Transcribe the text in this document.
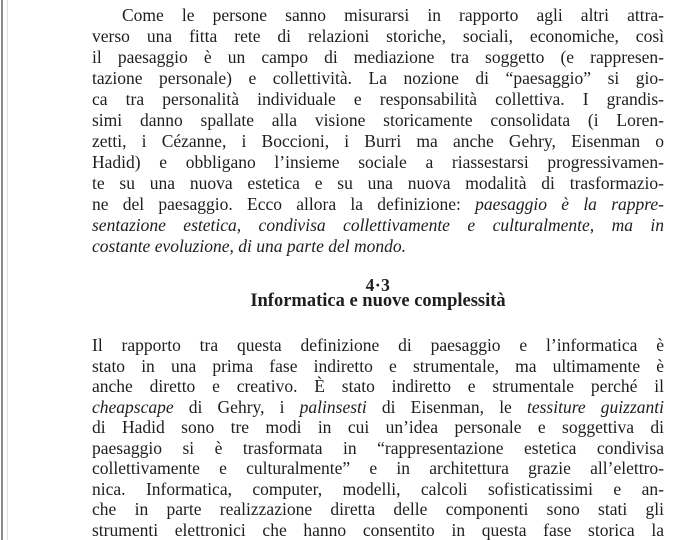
Come le persone sanno misurarsi in rapporto agli altri attra-
verso una fitta rete di relazioni storiche, sociali, economiche, così
il paesaggio è un campo di mediazione tra soggetto (e rappresen-
tazione personale) e collettività. La nozione di “paesaggio” si gio-
ca tra personalità individuale e responsabilità collettiva. I grandis-
simi danno spallate alla visione storicamente consolidata (i Loren-
zetti, i Cézanne, i Boccioni, i Burri ma anche Gehry, Eisenman o
Hadid) e obbligano l’insieme sociale a riassestarsi progressivamen-
te su una nuova estetica e su una nuova modalità di trasformazio-
ne del paesaggio. Ecco allora la definizione: paesaggio è la rappre-
sentazione estetica, condivisa collettivamente e culturalmente, ma in
costante evoluzione, di una parte del mondo.
4·3
Informatica e nuove complessità
Il rapporto tra questa definizione di paesaggio e l’informatica è
stato in una prima fase indiretto e strumentale, ma ultimamente è
anche diretto e creativo. È stato indiretto e strumentale perché il
cheapscape di Gehry, i palinsesti di Eisenman, le tessiture guizzanti
di Hadid sono tre modi in cui un’idea personale e soggettiva di
paesaggio si è trasformata in “rappresentazione estetica condivisa
collettivamente e culturalmente” e in architettura grazie all’elettro-
nica. Informatica, computer, modelli, calcoli sofisticatissimi e an-
che in parte realizzazione diretta delle componenti sono stati gli
strumenti elettronici che hanno consentito in questa fase storica la
